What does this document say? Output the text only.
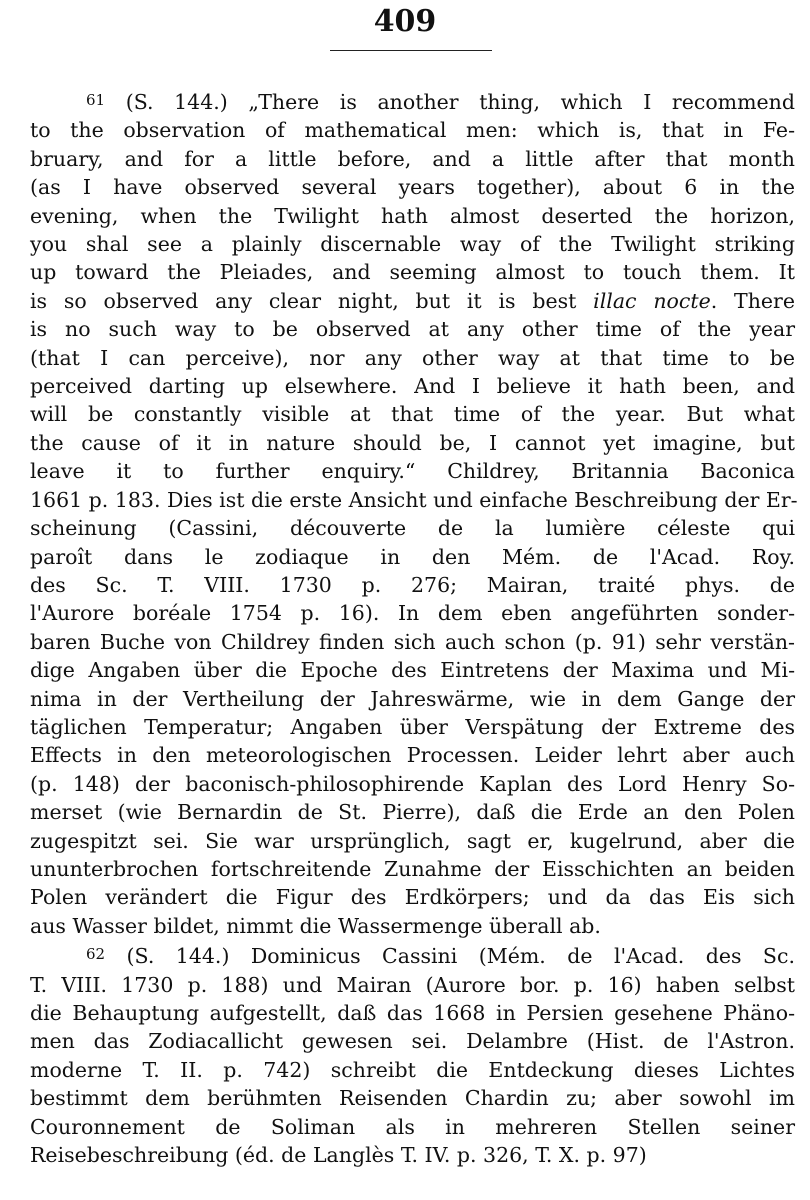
409
61 (S. 144.) „There is another thing, which I recommend
to the observation of mathematical men: which is, that in Fe-
bruary, and for a little before, and a little after that month
(as I have observed several years together), about 6 in the
evening, when the Twilight hath almost deserted the horizon,
you shal see a plainly discernable way of the Twilight striking
up toward the Pleiades, and seeming almost to touch them. It
is so observed any clear night, but it is best illac nocte. There
is no such way to be observed at any other time of the year
(that I can perceive), nor any other way at that time to be
perceived darting up elsewhere. And I believe it hath been, and
will be constantly visible at that time of the year. But what
the cause of it in nature should be, I cannot yet imagine, but
leave it to further enquiry.“ Childrey, Britannia Baconica
1661 p. 183. Dies ist die erste Ansicht und einfache Beschreibung der Er-
scheinung (Cassini, découverte de la lumière céleste qui
paroît dans le zodiaque in den Mém. de l'Acad. Roy.
des Sc. T. VIII. 1730 p. 276; Mairan, traité phys. de
l'Aurore boréale 1754 p. 16). In dem eben angeführten sonder-
baren Buche von Childrey finden sich auch schon (p. 91) sehr verstän-
dige Angaben über die Epoche des Eintretens der Maxima und Mi-
nima in der Vertheilung der Jahreswärme, wie in dem Gange der
täglichen Temperatur; Angaben über Verspätung der Extreme des
Effects in den meteorologischen Processen. Leider lehrt aber auch
(p. 148) der baconisch-philosophirende Kaplan des Lord Henry So-
merset (wie Bernardin de St. Pierre), daß die Erde an den Polen
zugespitzt sei. Sie war ursprünglich, sagt er, kugelrund, aber die
ununterbrochen fortschreitende Zunahme der Eisschichten an beiden
Polen verändert die Figur des Erdkörpers; und da das Eis sich
aus Wasser bildet, nimmt die Wassermenge überall ab.
62 (S. 144.) Dominicus Cassini (Mém. de l'Acad. des Sc.
T. VIII. 1730 p. 188) und Mairan (Aurore bor. p. 16) haben selbst
die Behauptung aufgestellt, daß das 1668 in Persien gesehene Phäno-
men das Zodiacallicht gewesen sei. Delambre (Hist. de l'Astron.
moderne T. II. p. 742) schreibt die Entdeckung dieses Lichtes
bestimmt dem berühmten Reisenden Chardin zu; aber sowohl im
Couronnement de Soliman als in mehreren Stellen seiner
Reisebeschreibung (éd. de Langlès T. IV. p. 326, T. X. p. 97)
